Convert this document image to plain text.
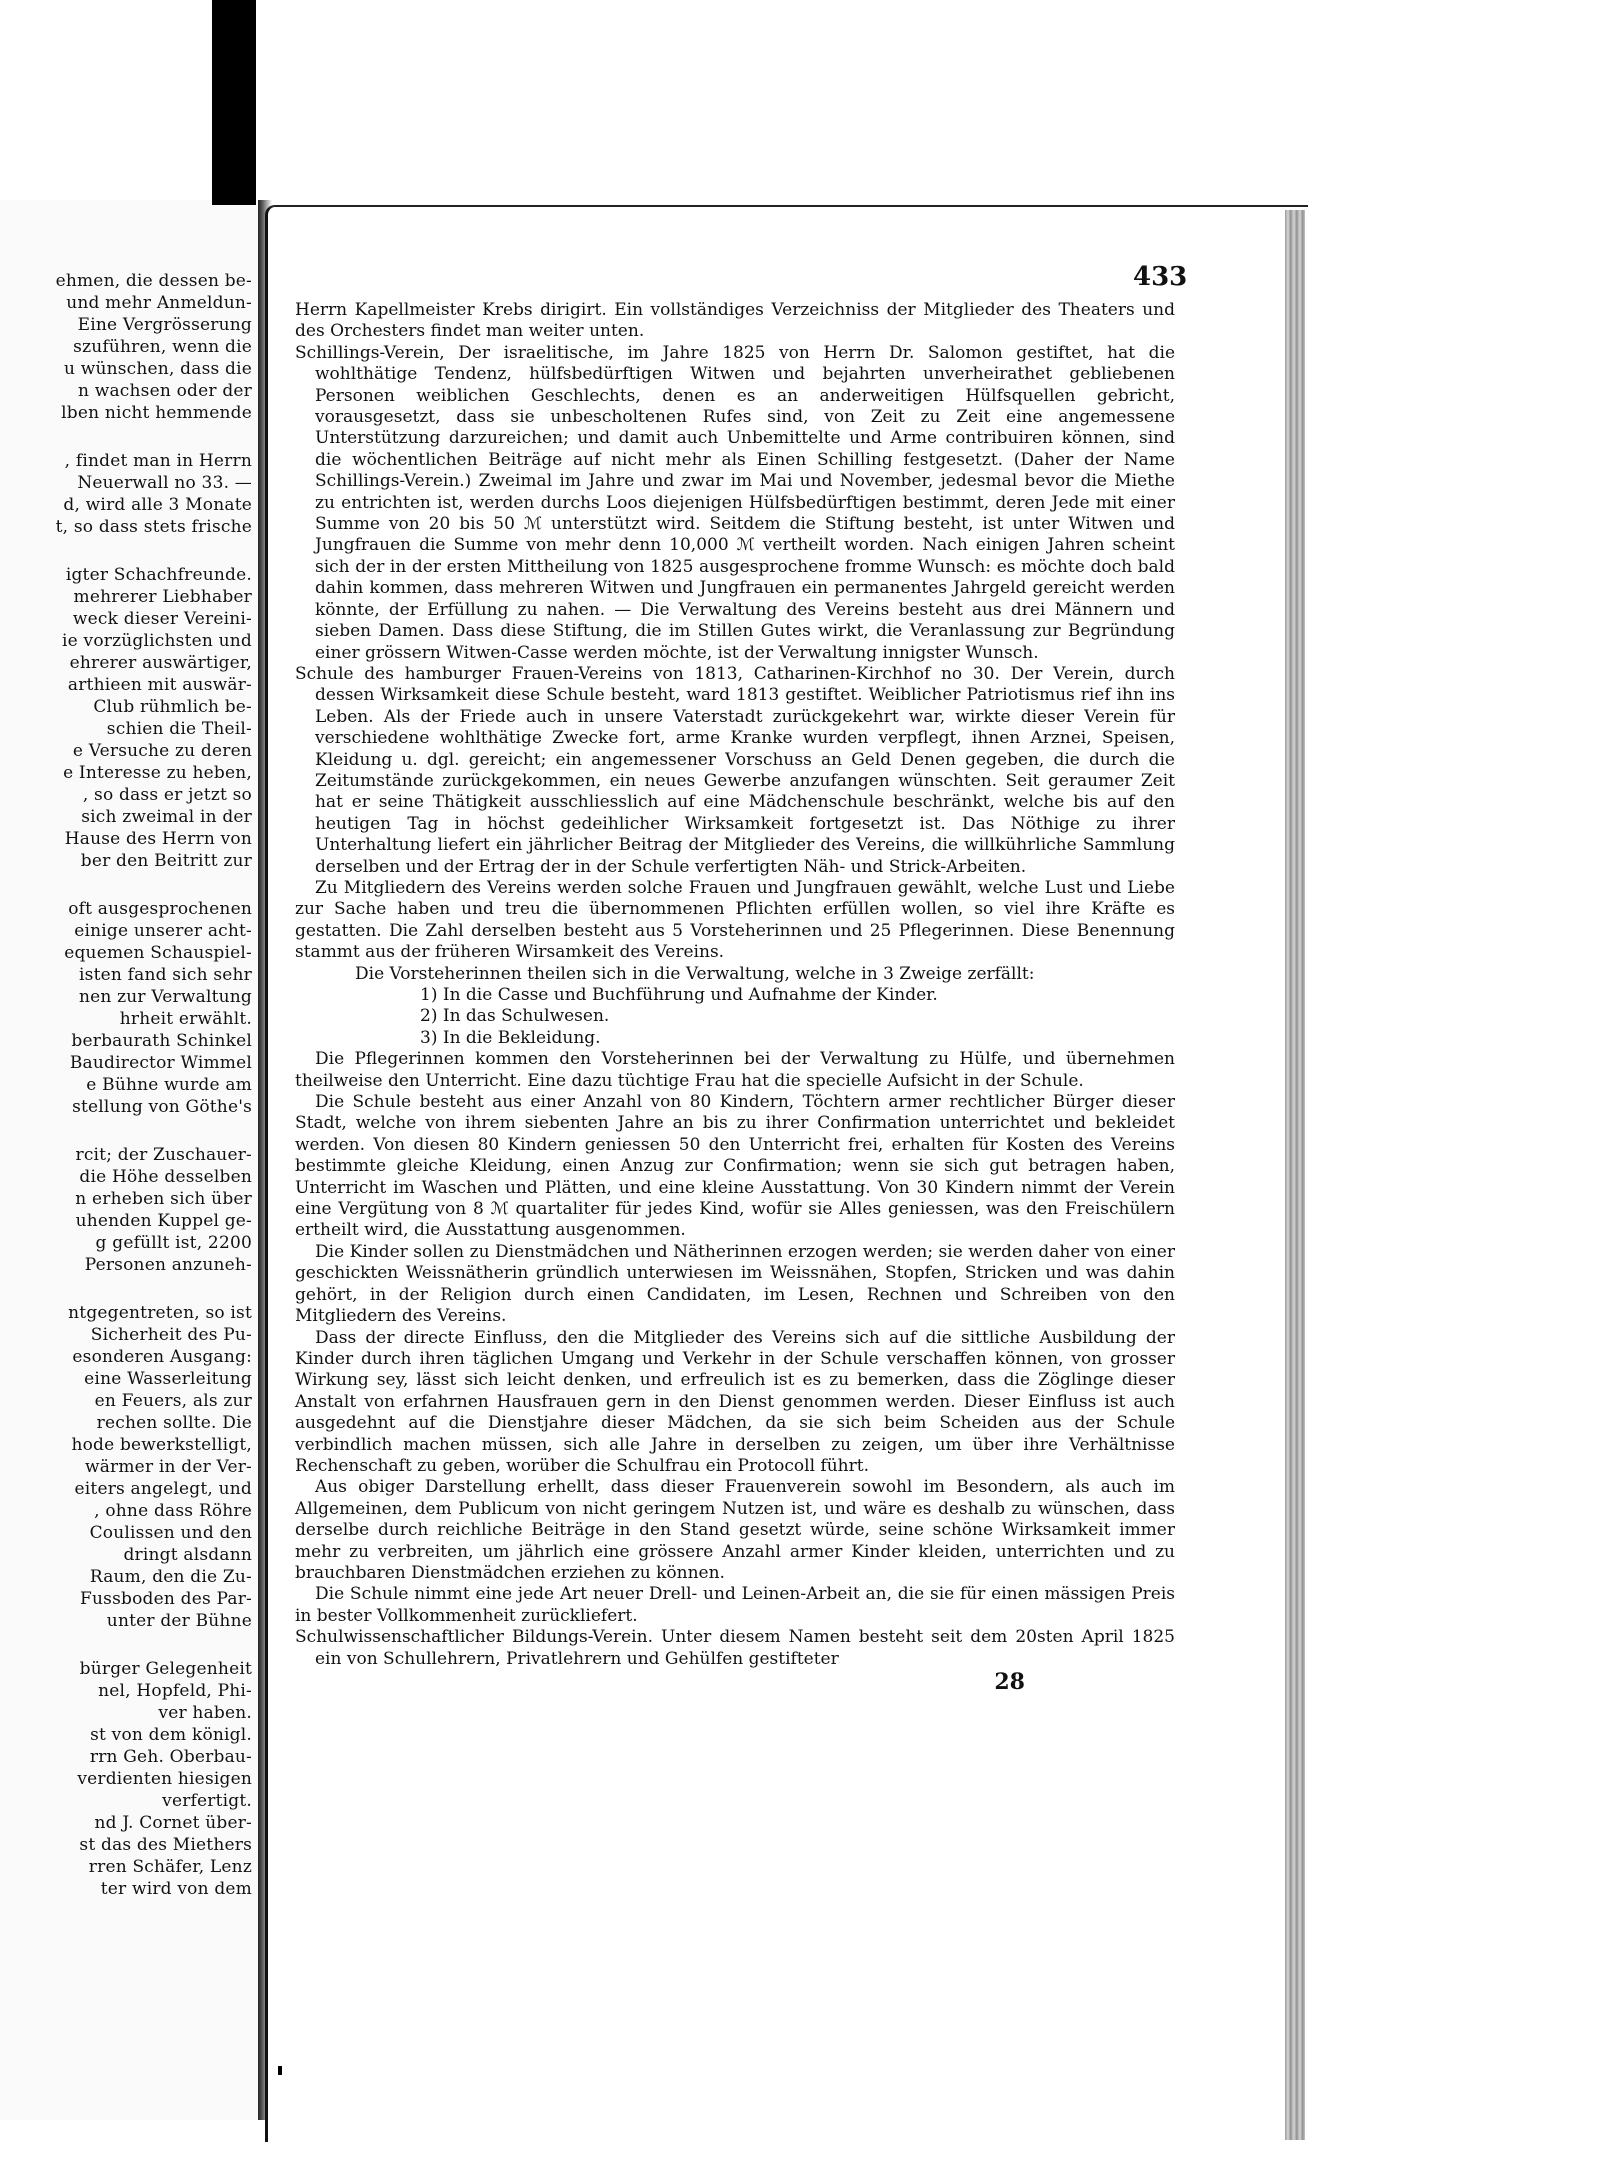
ehmen, die dessen be-
und mehr Anmeldun-
Eine Vergrösserung
szuführen, wenn die
u wünschen, dass die
n wachsen oder der
lben nicht hemmende
, findet man in Herrn
Neuerwall no 33. —
d, wird alle 3 Monate
t, so dass stets frische
igter Schachfreunde.
mehrerer Liebhaber
weck dieser Vereini-
ie vorzüglichsten und
ehrerer auswärtiger,
arthieen mit auswär-
Club rühmlich be-
schien die Theil-
e Versuche zu deren
e Interesse zu heben,
, so dass er jetzt so
sich zweimal in der
Hause des Herrn von
ber den Beitritt zur
oft ausgesprochenen
einige unserer acht-
equemen Schauspiel-
isten fand sich sehr
nen zur Verwaltung
hrheit erwählt.
berbaurath Schinkel
Baudirector Wimmel
e Bühne wurde am
stellung von Göthe's
rcit; der Zuschauer-
die Höhe desselben
n erheben sich über
uhenden Kuppel ge-
g gefüllt ist, 2200
Personen anzuneh-
ntgegentreten, so ist
Sicherheit des Pu-
esonderen Ausgang:
eine Wasserleitung
en Feuers, als zur
rechen sollte. Die
hode bewerkstelligt,
wärmer in der Ver-
eiters angelegt, und
, ohne dass Röhre
Coulissen und den
dringt alsdann
Raum, den die Zu-
Fussboden des Par-
unter der Bühne
bürger Gelegenheit
nel, Hopfeld, Phi-
ver haben.
st von dem königl.
rrn Geh. Oberbau-
verdienten hiesigen
verfertigt.
nd J. Cornet über-
st das des Miethers
rren Schäfer, Lenz
ter wird von dem
433
Herrn Kapellmeister Krebs dirigirt. Ein vollständiges Verzeichniss der Mitglieder des Theaters und des Orchesters findet man weiter unten.
Schillings-Verein, Der israelitische, im Jahre 1825 von Herrn Dr. Salomon gestiftet, hat die wohlthätige Tendenz, hülfsbedürftigen Witwen und bejahrten unverheirathet gebliebenen Personen weiblichen Geschlechts, denen es an anderweitigen Hülfsquellen gebricht, vorausgesetzt, dass sie unbescholtenen Rufes sind, von Zeit zu Zeit eine angemessene Unterstützung darzureichen; und damit auch Unbemittelte und Arme contribuiren können, sind die wöchentlichen Beiträge auf nicht mehr als Einen Schilling festgesetzt. (Daher der Name Schillings-Verein.) Zweimal im Jahre und zwar im Mai und November, jedesmal bevor die Miethe zu entrichten ist, werden durchs Loos diejenigen Hülfsbedürftigen bestimmt, deren Jede mit einer Summe von 20 bis 50 ℳ unterstützt wird. Seitdem die Stiftung besteht, ist unter Witwen und Jungfrauen die Summe von mehr denn 10,000 ℳ vertheilt worden. Nach einigen Jahren scheint sich der in der ersten Mittheilung von 1825 ausgesprochene fromme Wunsch: es möchte doch bald dahin kommen, dass mehreren Witwen und Jungfrauen ein permanentes Jahrgeld gereicht werden könnte, der Erfüllung zu nahen. — Die Verwaltung des Vereins besteht aus drei Männern und sieben Damen. Dass diese Stiftung, die im Stillen Gutes wirkt, die Veranlassung zur Begründung einer grössern Witwen-Casse werden möchte, ist der Verwaltung innigster Wunsch.
Schule des hamburger Frauen-Vereins von 1813, Catharinen-Kirchhof no 30. Der Verein, durch dessen Wirksamkeit diese Schule besteht, ward 1813 gestiftet. Weiblicher Patriotismus rief ihn ins Leben. Als der Friede auch in unsere Vaterstadt zurückgekehrt war, wirkte dieser Verein für verschiedene wohlthätige Zwecke fort, arme Kranke wurden verpflegt, ihnen Arznei, Speisen, Kleidung u. dgl. gereicht; ein angemessener Vorschuss an Geld Denen gegeben, die durch die Zeitumstände zurückgekommen, ein neues Gewerbe anzufangen wünschten. Seit geraumer Zeit hat er seine Thätigkeit ausschliesslich auf eine Mädchenschule beschränkt, welche bis auf den heutigen Tag in höchst gedeihlicher Wirksamkeit fortgesetzt ist. Das Nöthige zu ihrer Unterhaltung liefert ein jährlicher Beitrag der Mitglieder des Vereins, die willkührliche Sammlung derselben und der Ertrag der in der Schule verfertigten Näh- und Strick-Arbeiten.
Zu Mitgliedern des Vereins werden solche Frauen und Jungfrauen gewählt, welche Lust und Liebe zur Sache haben und treu die übernommenen Pflichten erfüllen wollen, so viel ihre Kräfte es gestatten. Die Zahl derselben besteht aus 5 Vorsteherinnen und 25 Pflegerinnen. Diese Benennung stammt aus der früheren Wirsamkeit des Vereins.
Die Vorsteherinnen theilen sich in die Verwaltung, welche in 3 Zweige zerfällt:
1) In die Casse und Buchführung und Aufnahme der Kinder.
2) In das Schulwesen.
3) In die Bekleidung.
Die Pflegerinnen kommen den Vorsteherinnen bei der Verwaltung zu Hülfe, und übernehmen theilweise den Unterricht. Eine dazu tüchtige Frau hat die specielle Aufsicht in der Schule.
Die Schule besteht aus einer Anzahl von 80 Kindern, Töchtern armer rechtlicher Bürger dieser Stadt, welche von ihrem siebenten Jahre an bis zu ihrer Confirmation unterrichtet und bekleidet werden. Von diesen 80 Kindern geniessen 50 den Unterricht frei, erhalten für Kosten des Vereins bestimmte gleiche Kleidung, einen Anzug zur Confirmation; wenn sie sich gut betragen haben, Unterricht im Waschen und Plätten, und eine kleine Ausstattung. Von 30 Kindern nimmt der Verein eine Vergütung von 8 ℳ quartaliter für jedes Kind, wofür sie Alles geniessen, was den Freischülern ertheilt wird, die Ausstattung ausgenommen.
Die Kinder sollen zu Dienstmädchen und Nätherinnen erzogen werden; sie werden daher von einer geschickten Weissnätherin gründlich unterwiesen im Weissnähen, Stopfen, Stricken und was dahin gehört, in der Religion durch einen Candidaten, im Lesen, Rechnen und Schreiben von den Mitgliedern des Vereins.
Dass der directe Einfluss, den die Mitglieder des Vereins sich auf die sittliche Ausbildung der Kinder durch ihren täglichen Umgang und Verkehr in der Schule verschaffen können, von grosser Wirkung sey, lässt sich leicht denken, und erfreulich ist es zu bemerken, dass die Zöglinge dieser Anstalt von erfahrnen Hausfrauen gern in den Dienst genommen werden. Dieser Einfluss ist auch ausgedehnt auf die Dienstjahre dieser Mädchen, da sie sich beim Scheiden aus der Schule verbindlich machen müssen, sich alle Jahre in derselben zu zeigen, um über ihre Verhältnisse Rechenschaft zu geben, worüber die Schulfrau ein Protocoll führt.
Aus obiger Darstellung erhellt, dass dieser Frauenverein sowohl im Besondern, als auch im Allgemeinen, dem Publicum von nicht geringem Nutzen ist, und wäre es deshalb zu wünschen, dass derselbe durch reichliche Beiträge in den Stand gesetzt würde, seine schöne Wirksamkeit immer mehr zu verbreiten, um jährlich eine grössere Anzahl armer Kinder kleiden, unterrichten und zu brauchbaren Dienstmädchen erziehen zu können.
Die Schule nimmt eine jede Art neuer Drell- und Leinen-Arbeit an, die sie für einen mässigen Preis in bester Vollkommenheit zurückliefert.
Schulwissenschaftlicher Bildungs-Verein. Unter diesem Namen besteht seit dem 20sten April 1825 ein von Schullehrern, Privatlehrern und Gehülfen gestifteter
28
